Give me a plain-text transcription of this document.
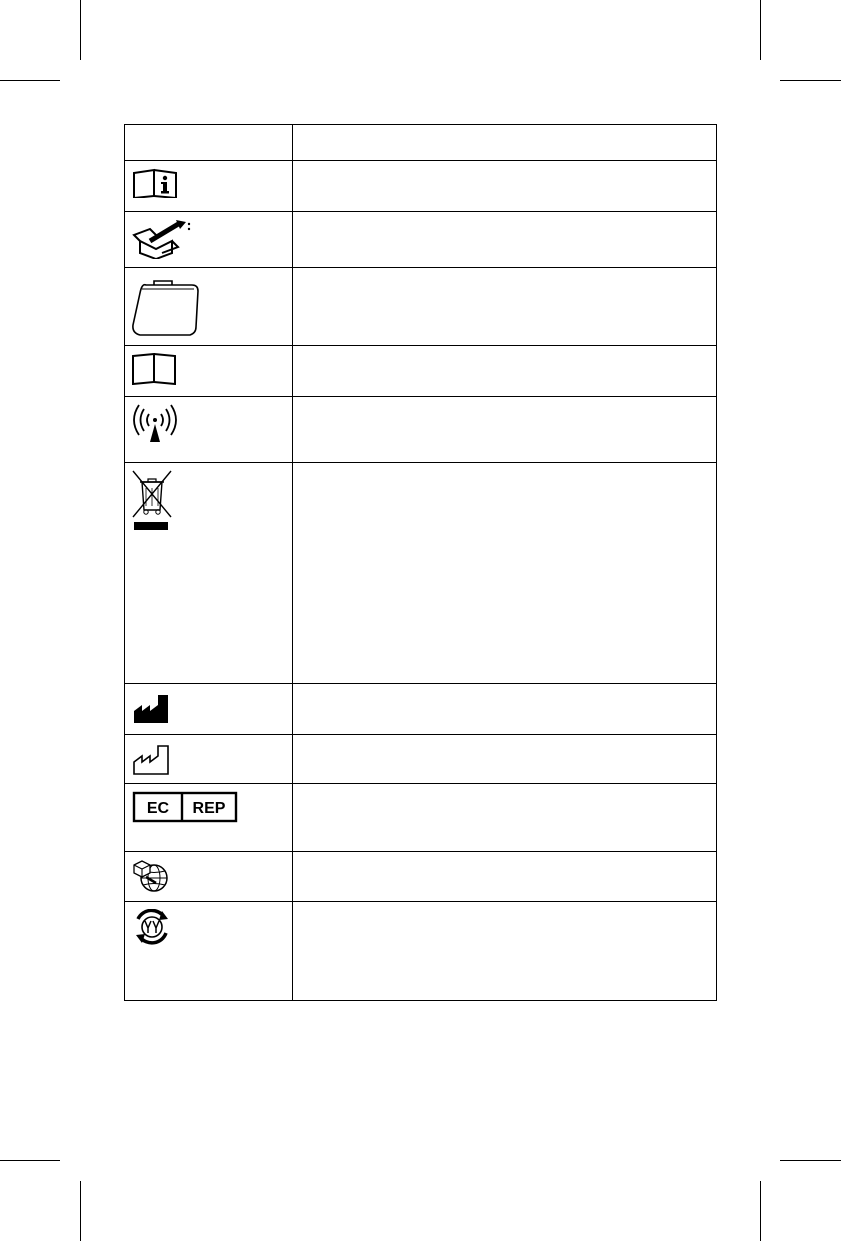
EC REP	
